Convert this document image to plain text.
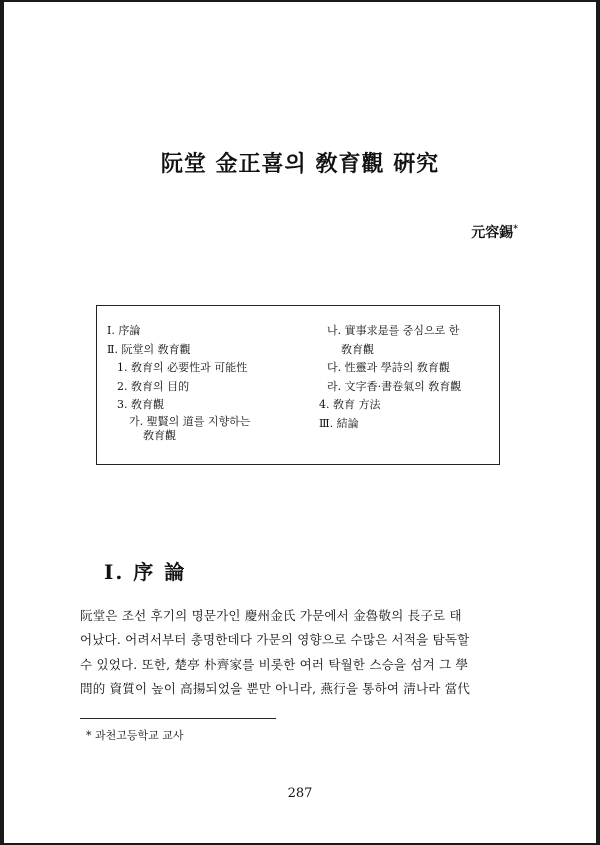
阮堂 金正喜의 敎育觀 硏究
元容錫*
Ⅰ. 序論
Ⅱ. 阮堂의 敎育觀
1. 敎育의 必要性과 可能性
2. 敎育의 目的
3. 敎育觀
가. 聖賢의 道를 지향하는
敎育觀
나. 實事求是를 중심으로 한
敎育觀
다. 性靈과 學詩의 敎育觀
라. 文字香·書卷氣의 敎育觀
4. 敎育 方法
Ⅲ. 結論
Ⅰ. 序 論
阮堂은 조선 후기의 명문가인 慶州金氏 가문에서 金魯敬의 長子로 태
어났다. 어려서부터 총명한데다 가문의 영향으로 수많은 서적을 탐독할
수 있었다. 또한, 楚亭 朴齊家를 비롯한 여러 탁월한 스승을 섬겨 그 學
問的 資質이 높이 高揚되었을 뿐만 아니라, 燕行을 통하여 淸나라 當代
* 과천고등학교 교사
287
